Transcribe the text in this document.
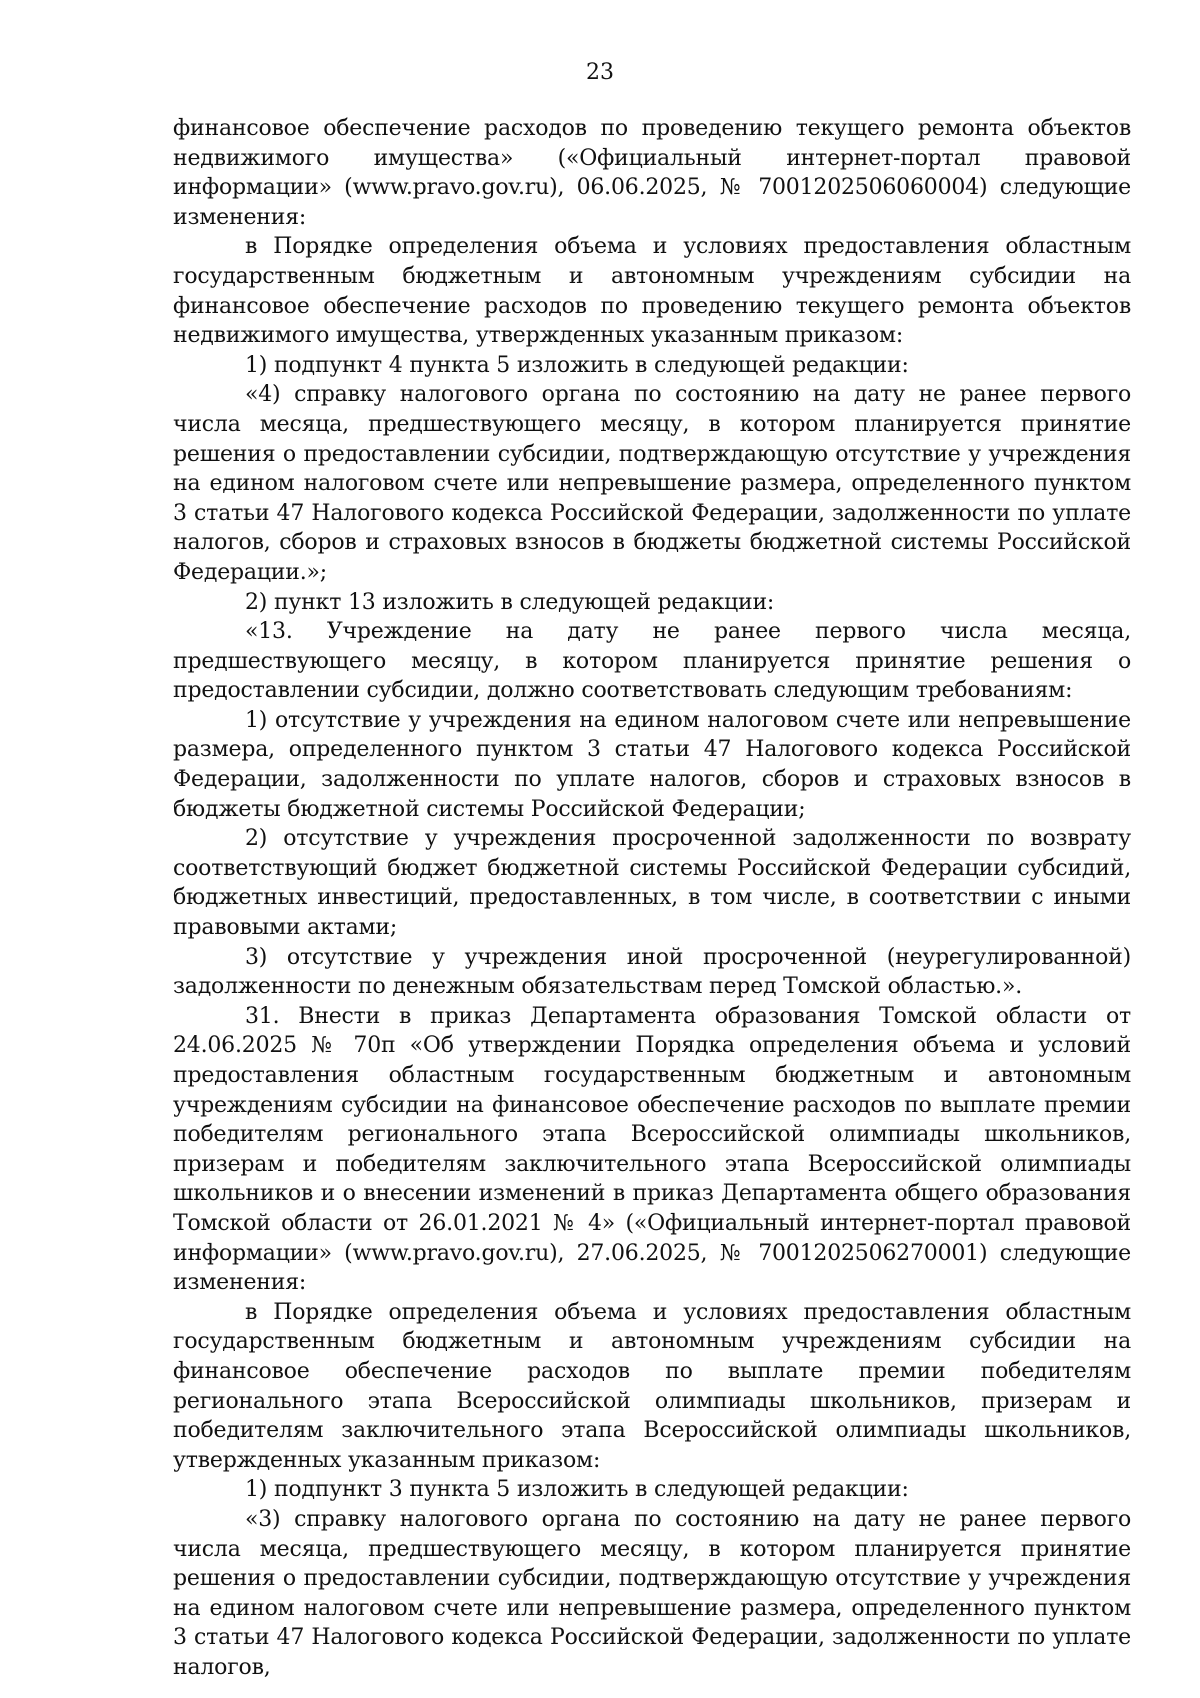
23

финансовое обеспечение расходов по проведению текущего ремонта объектов недвижимого имущества» («Официальный интернет-портал правовой информации» (www.pravo.gov.ru), 06.06.2025, № 7001202506060004) следующие изменения:

в Порядке определения объема и условиях предоставления областным государственным бюджетным и автономным учреждениям субсидии на финансовое обеспечение расходов по проведению текущего ремонта объектов недвижимого имущества, утвержденных указанным приказом:

1) подпункт 4 пункта 5 изложить в следующей редакции:

«4) справку налогового органа по состоянию на дату не ранее первого числа месяца, предшествующего месяцу, в котором планируется принятие решения о предоставлении субсидии, подтверждающую отсутствие у учреждения на едином налоговом счете или непревышение размера, определенного пунктом 3 статьи 47 Налогового кодекса Российской Федерации, задолженности по уплате налогов, сборов и страховых взносов в бюджеты бюджетной системы Российской Федерации.»;

2) пункт 13 изложить в следующей редакции:

«13. Учреждение на дату не ранее первого числа месяца, предшествующего месяцу, в котором планируется принятие решения о предоставлении субсидии, должно соответствовать следующим требованиям:

1) отсутствие у учреждения на едином налоговом счете или непревышение размера, определенного пунктом 3 статьи 47 Налогового кодекса Российской Федерации, задолженности по уплате налогов, сборов и страховых взносов в бюджеты бюджетной системы Российской Федерации;

2) отсутствие у учреждения просроченной задолженности по возврату соответствующий бюджет бюджетной системы Российской Федерации субсидий, бюджетных инвестиций, предоставленных, в том числе, в соответствии с иными правовыми актами;

3) отсутствие у учреждения иной просроченной (неурегулированной) задолженности по денежным обязательствам перед Томской областью.».

31. Внести в приказ Департамента образования Томской области от 24.06.2025 № 70п «Об утверждении Порядка определения объема и условий предоставления областным государственным бюджетным и автономным учреждениям субсидии на финансовое обеспечение расходов по выплате премии победителям регионального этапа Всероссийской олимпиады школьников, призерам и победителям заключительного этапа Всероссийской олимпиады школьников и о внесении изменений в приказ Департамента общего образования Томской области от 26.01.2021 № 4» («Официальный интернет-портал правовой информации» (www.pravo.gov.ru), 27.06.2025, № 7001202506270001) следующие изменения:

в Порядке определения объема и условиях предоставления областным государственным бюджетным и автономным учреждениям субсидии на финансовое обеспечение расходов по выплате премии победителям регионального этапа Всероссийской олимпиады школьников, призерам и победителям заключительного этапа Всероссийской олимпиады школьников, утвержденных указанным приказом:

1) подпункт 3 пункта 5 изложить в следующей редакции:

«3) справку налогового органа по состоянию на дату не ранее первого числа месяца, предшествующего месяцу, в котором планируется принятие решения о предоставлении субсидии, подтверждающую отсутствие у учреждения на едином налоговом счете или непревышение размера, определенного пунктом 3 статьи 47 Налогового кодекса Российской Федерации, задолженности по уплате налогов,
